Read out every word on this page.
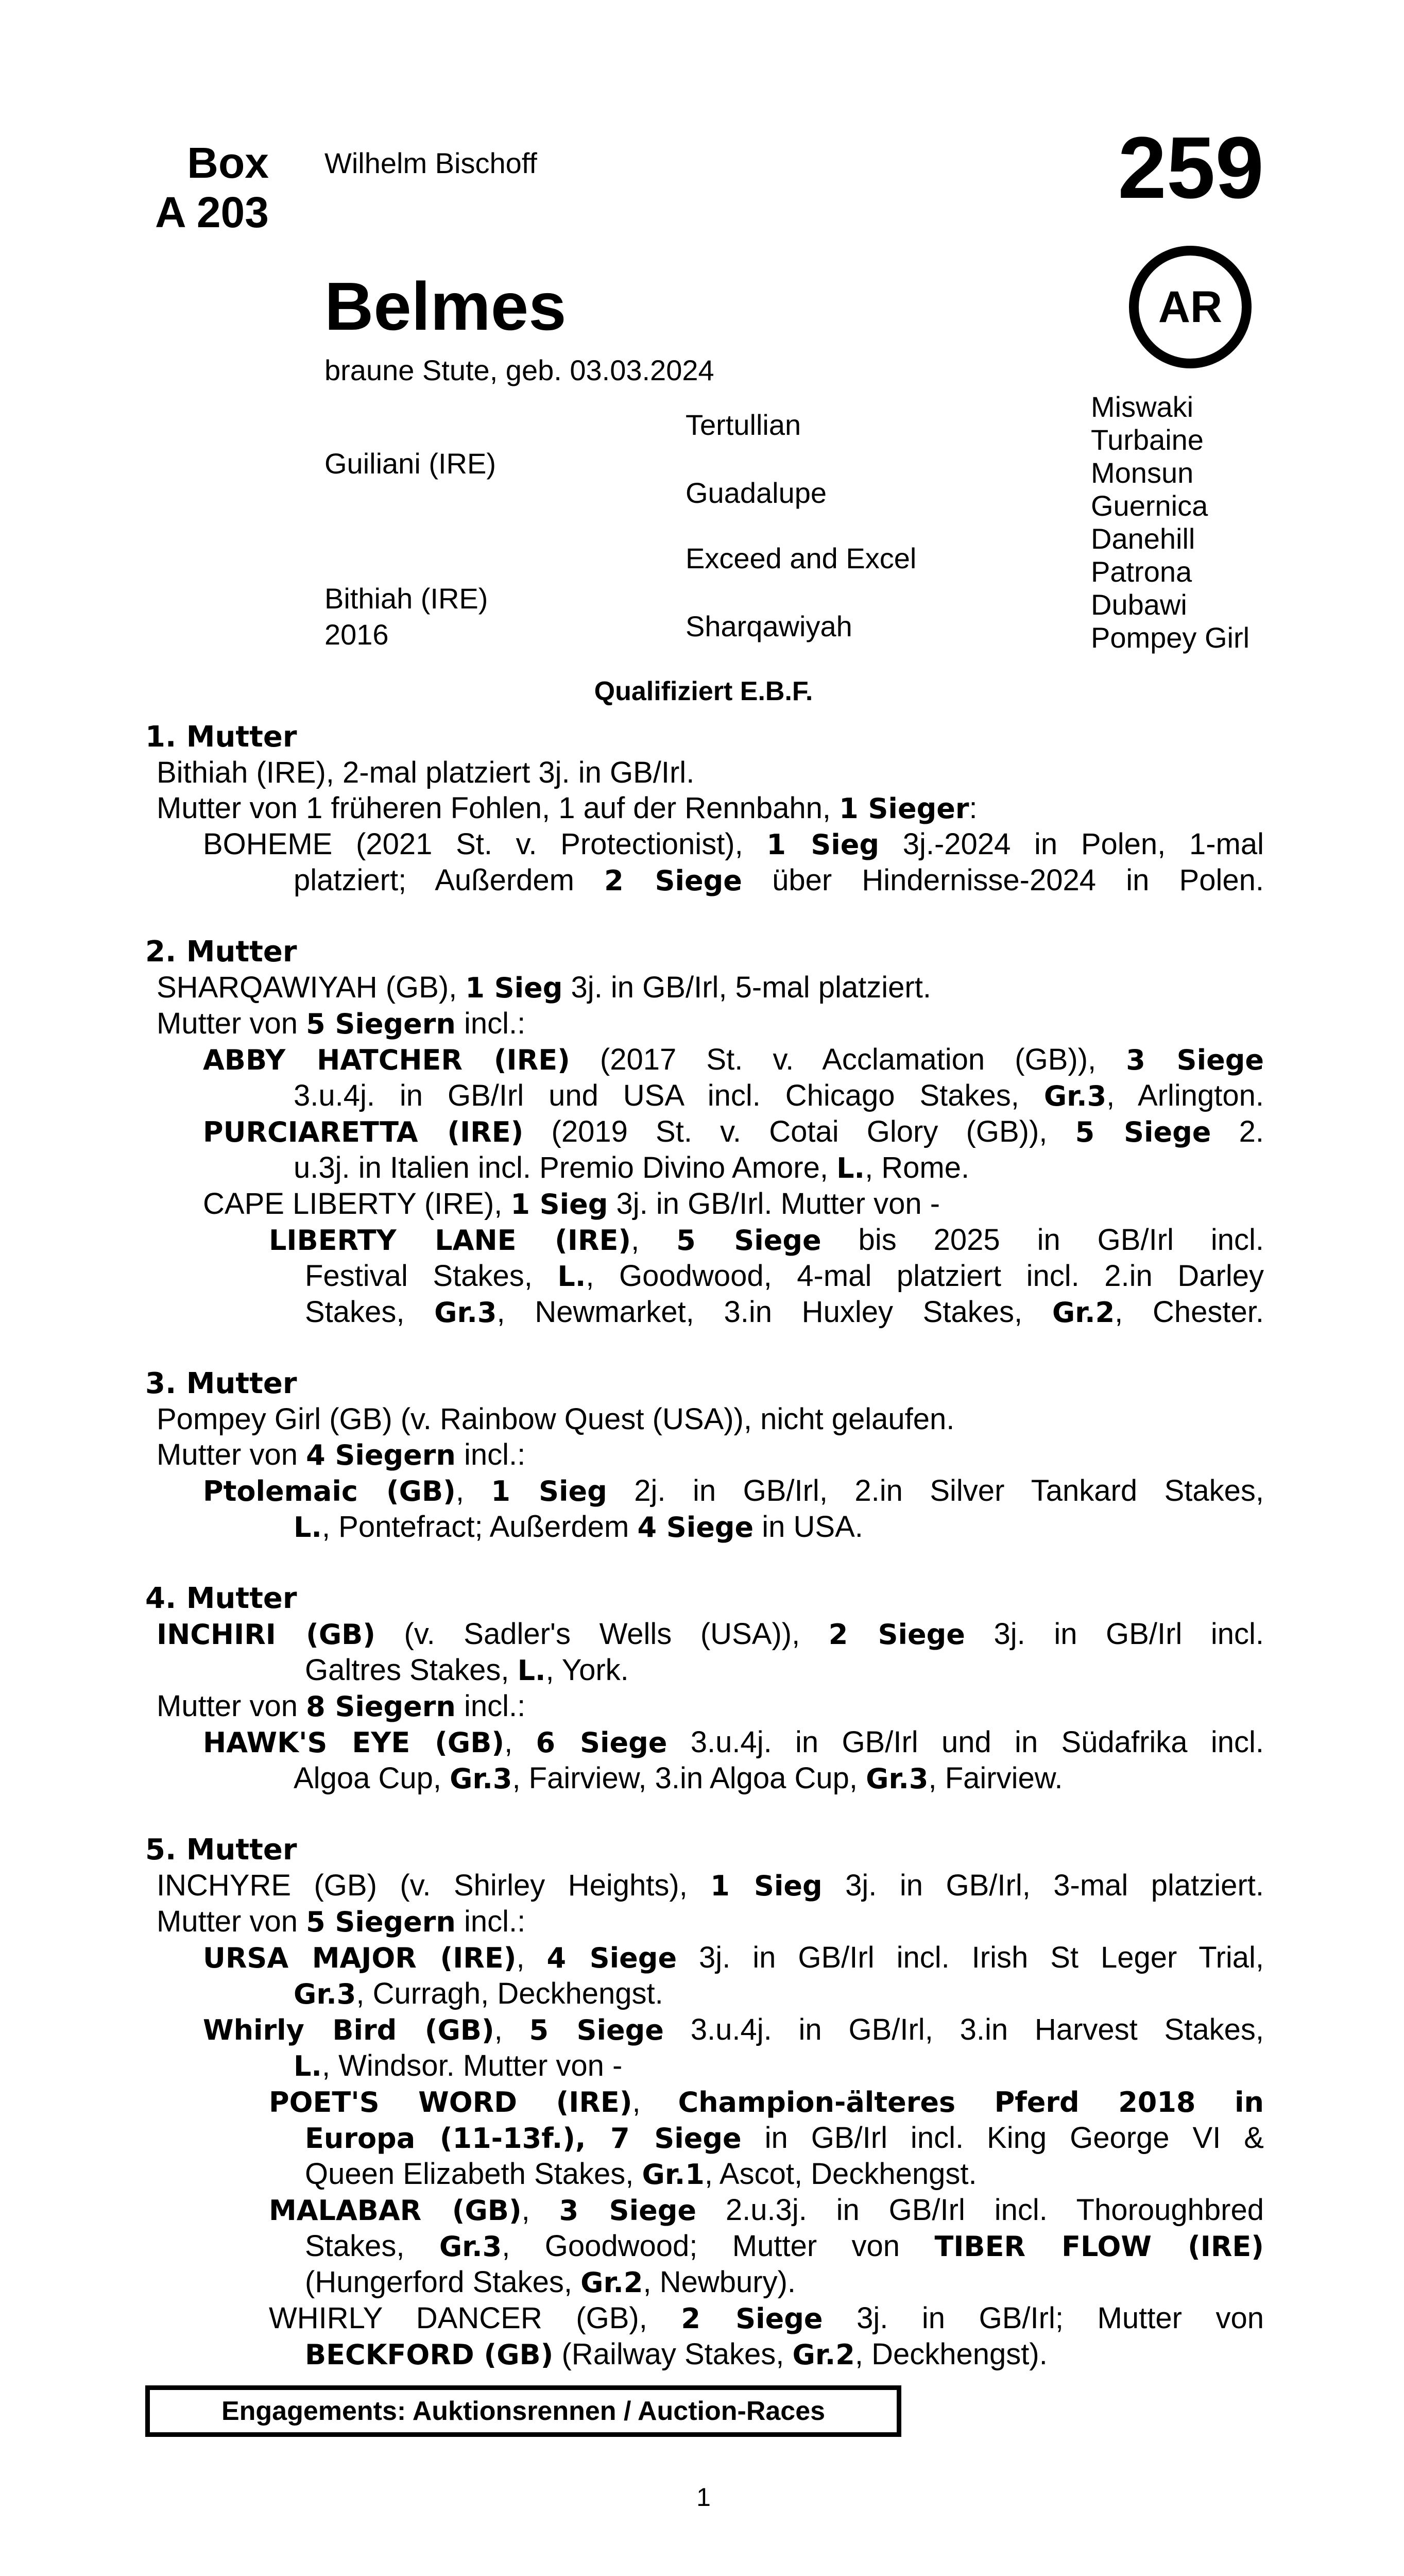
Box
A 203
Wilhelm Bischoff	259
Belmes	AR
braune Stute, geb. 03.03.2024
Guiliani (IRE)
Bithiah (IRE)
2016
Tertullian
Guadalupe
Exceed and Excel
Sharqawiyah
Miswaki
Turbaine
Monsun
Guernica
Danehill
Patrona
Dubawi
Pompey Girl
Qualifiziert E.B.F.
1. Mutter
Bithiah (IRE), 2-mal platziert 3j. in GB/Irl.
Mutter von 1 früheren Fohlen, 1 auf der Rennbahn, 1 Sieger:
BOHEME (2021 St. v. Protectionist), 1 Sieg 3j.-2024 in Polen, 1-mal
platziert; Außerdem 2 Siege über Hindernisse-2024 in Polen.
2. Mutter
SHARQAWIYAH (GB), 1 Sieg 3j. in GB/Irl, 5-mal platziert.
Mutter von 5 Siegern incl.:
ABBY HATCHER (IRE) (2017 St. v. Acclamation (GB)), 3 Siege
3.u.4j. in GB/Irl und USA incl. Chicago Stakes, Gr.3, Arlington.
PURCIARETTA (IRE) (2019 St. v. Cotai Glory (GB)), 5 Siege 2.
u.3j. in Italien incl. Premio Divino Amore, L., Rome.
CAPE LIBERTY (IRE), 1 Sieg 3j. in GB/Irl. Mutter von -
LIBERTY LANE (IRE), 5 Siege bis 2025 in GB/Irl incl.
Festival Stakes, L., Goodwood, 4-mal platziert incl. 2.in Darley
Stakes, Gr.3, Newmarket, 3.in Huxley Stakes, Gr.2, Chester.
3. Mutter
Pompey Girl (GB) (v. Rainbow Quest (USA)), nicht gelaufen.
Mutter von 4 Siegern incl.:
Ptolemaic (GB), 1 Sieg 2j. in GB/Irl, 2.in Silver Tankard Stakes,
L., Pontefract; Außerdem 4 Siege in USA.
4. Mutter
INCHIRI (GB) (v. Sadler's Wells (USA)), 2 Siege 3j. in GB/Irl incl.
Galtres Stakes, L., York.
Mutter von 8 Siegern incl.:
HAWK'S EYE (GB), 6 Siege 3.u.4j. in GB/Irl und in Südafrika incl.
Algoa Cup, Gr.3, Fairview, 3.in Algoa Cup, Gr.3, Fairview.
5. Mutter
INCHYRE (GB) (v. Shirley Heights), 1 Sieg 3j. in GB/Irl, 3-mal platziert.
Mutter von 5 Siegern incl.:
URSA MAJOR (IRE), 4 Siege 3j. in GB/Irl incl. Irish St Leger Trial,
Gr.3, Curragh, Deckhengst.
Whirly Bird (GB), 5 Siege 3.u.4j. in GB/Irl, 3.in Harvest Stakes,
L., Windsor. Mutter von -
POET'S WORD (IRE), Champion-älteres Pferd 2018 in
Europa (11-13f.), 7 Siege in GB/Irl incl. King George VI &
Queen Elizabeth Stakes, Gr.1, Ascot, Deckhengst.
MALABAR (GB), 3 Siege 2.u.3j. in GB/Irl incl. Thoroughbred
Stakes, Gr.3, Goodwood; Mutter von TIBER FLOW (IRE)
(Hungerford Stakes, Gr.2, Newbury).
WHIRLY DANCER (GB), 2 Siege 3j. in GB/Irl; Mutter von
BECKFORD (GB) (Railway Stakes, Gr.2, Deckhengst).
Engagements: Auktionsrennen / Auction-Races
1
